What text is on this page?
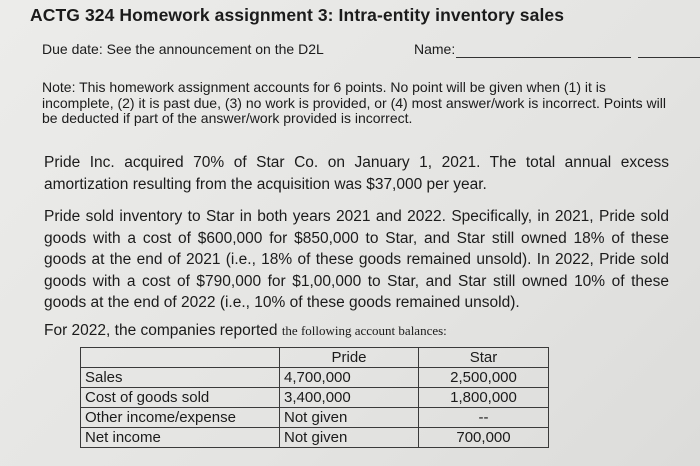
ACTG 324 Homework assignment 3: Intra-entity inventory sales
Due date: See the announcement on the D2L	Name:
Note: This homework assignment accounts for 6 points. No point will be given when (1) it is incomplete, (2) it is past due, (3) no work is provided, or (4) most answer/work is incorrect. Points will be deducted if part of the answer/work provided is incorrect.
Pride Inc. acquired 70% of Star Co. on January 1, 2021. The total annual excess amortization resulting from the acquisition was $37,000 per year.
Pride sold inventory to Star in both years 2021 and 2022. Specifically, in 2021, Pride sold goods with a cost of $600,000 for $850,000 to Star, and Star still owned 18% of these goods at the end of 2021 (i.e., 18% of these goods remained unsold). In 2022, Pride sold goods with a cost of $790,000 for $1,00,000 to Star, and Star still owned 10% of these goods at the end of 2022 (i.e., 10% of these goods remained unsold).
For 2022, the companies reported the following account balances:
	Pride	Star
Sales	4,700,000	2,500,000
Cost of goods sold	3,400,000	1,800,000
Other income/expense	Not given	--
Net income	Not given	700,000
